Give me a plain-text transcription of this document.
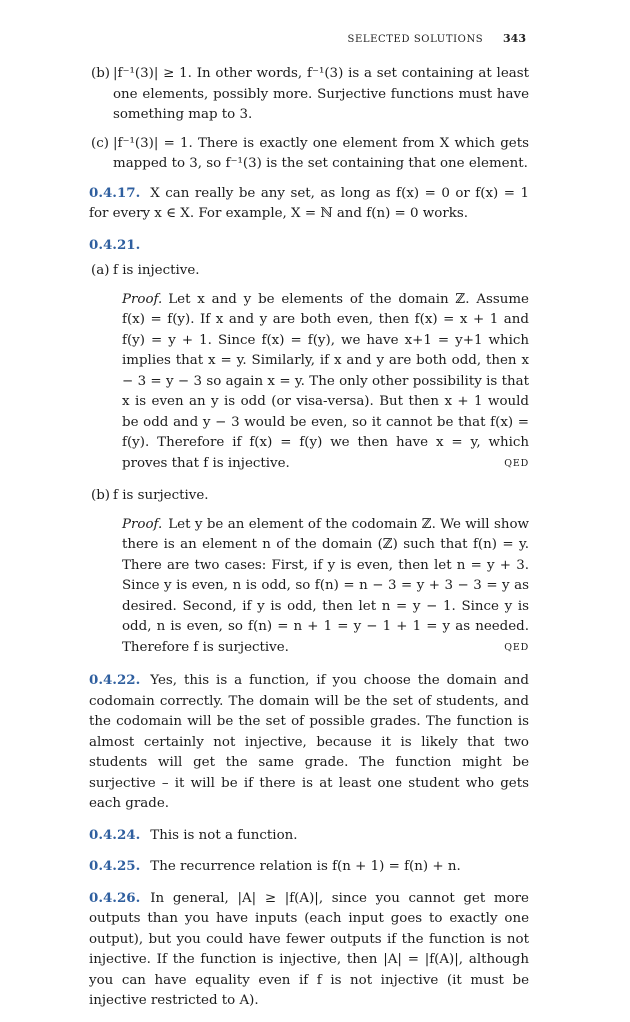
SELECTED SOLUTIONS 343
(b) |f⁻¹(3)| ≥ 1. In other words, f⁻¹(3) is a set containing at least one elements, possibly more. Surjective functions must have something map to 3.
(c) |f⁻¹(3)| = 1. There is exactly one element from X which gets mapped to 3, so f⁻¹(3) is the set containing that one element.
0.4.17. X can really be any set, as long as f(x) = 0 or f(x) = 1 for every x ∈ X. For example, X = ℕ and f(n) = 0 works.
0.4.21.
(a) f is injective.
Proof. Let x and y be elements of the domain ℤ. Assume f(x) = f(y). If x and y are both even, then f(x) = x + 1 and f(y) = y + 1. Since f(x) = f(y), we have x+1 = y+1 which implies that x = y. Similarly, if x and y are both odd, then x − 3 = y − 3 so again x = y. The only other possibility is that x is even an y is odd (or visa-versa). But then x + 1 would be odd and y − 3 would be even, so it cannot be that f(x) = f(y). Therefore if f(x) = f(y) we then have x = y, which proves that f is injective.	QED
(b) f is surjective.
Proof. Let y be an element of the codomain ℤ. We will show there is an element n of the domain (ℤ) such that f(n) = y. There are two cases: First, if y is even, then let n = y + 3. Since y is even, n is odd, so f(n) = n − 3 = y + 3 − 3 = y as desired. Second, if y is odd, then let n = y − 1. Since y is odd, n is even, so f(n) = n + 1 = y − 1 + 1 = y as needed. Therefore f is surjective.	QED
0.4.22. Yes, this is a function, if you choose the domain and codomain correctly. The domain will be the set of students, and the codomain will be the set of possible grades. The function is almost certainly not injective, because it is likely that two students will get the same grade. The function might be surjective – it will be if there is at least one student who gets each grade.
0.4.24. This is not a function.
0.4.25. The recurrence relation is f(n + 1) = f(n) + n.
0.4.26. In general, |A| ≥ |f(A)|, since you cannot get more outputs than you have inputs (each input goes to exactly one output), but you could have fewer outputs if the function is not injective. If the function is injective, then |A| = |f(A)|, although you can have equality even if f is not injective (it must be injective restricted to A).
